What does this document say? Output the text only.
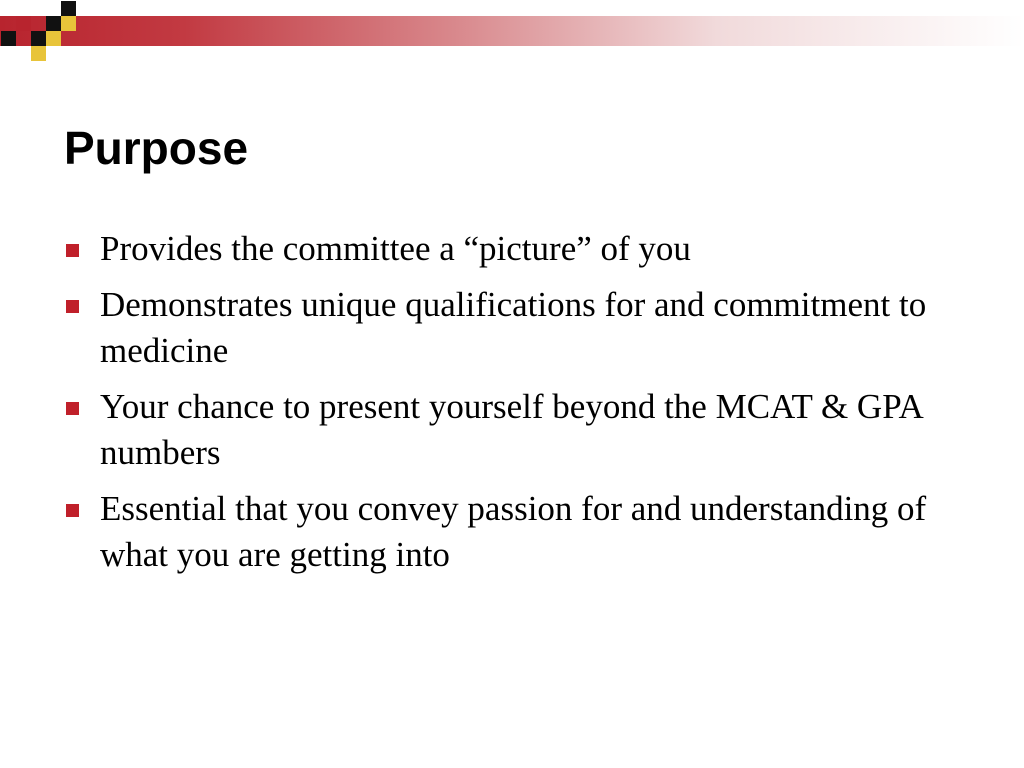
Purpose
Provides the committee a “picture” of you
Demonstrates unique qualifications for and commitment to medicine
Your chance to present yourself beyond the MCAT & GPA numbers
Essential that you convey passion for and understanding of what you are getting into
